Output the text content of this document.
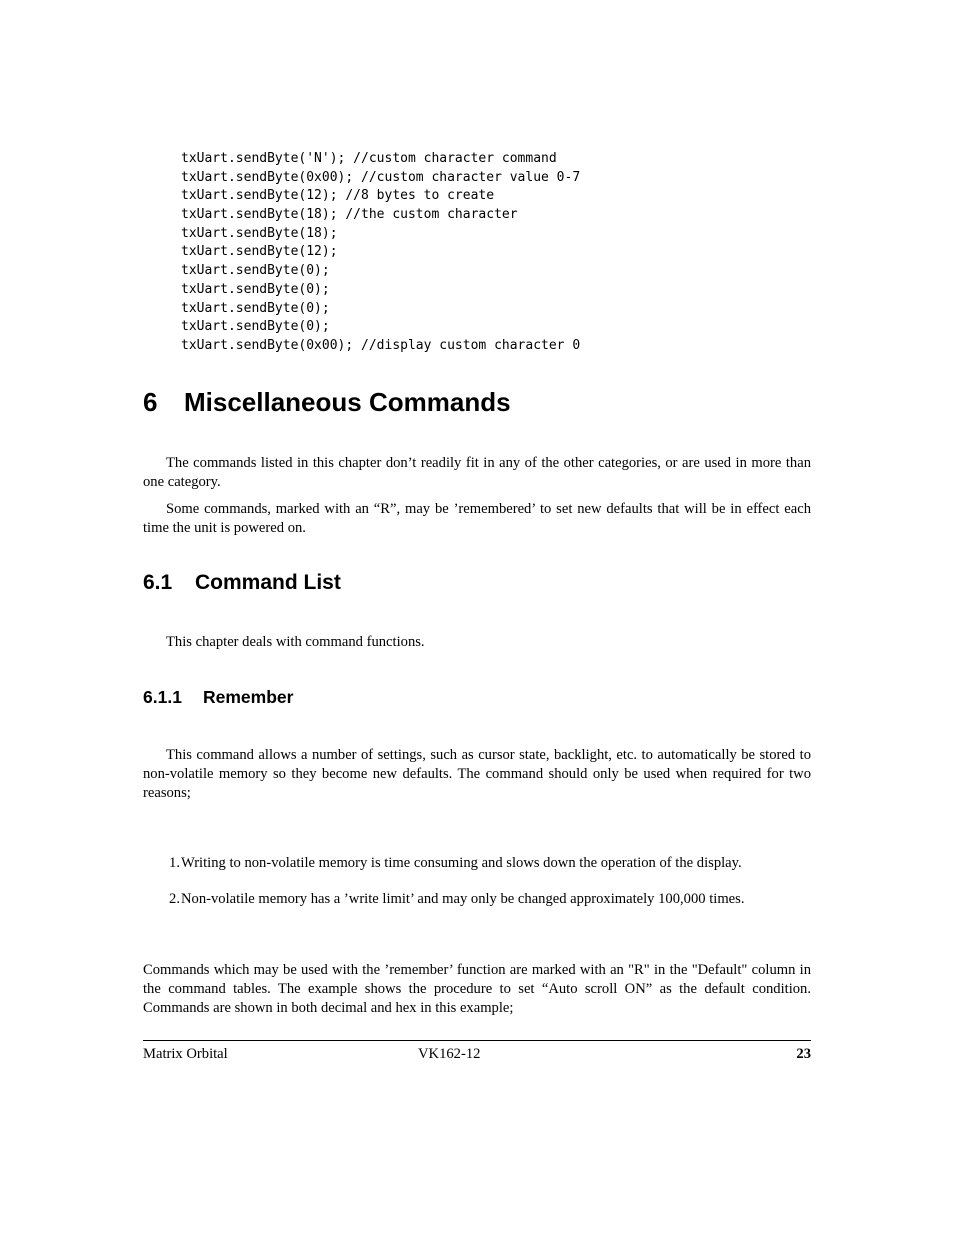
txUart.sendByte('N'); //custom character command
txUart.sendByte(0x00); //custom character value 0-7
txUart.sendByte(12); //8 bytes to create
txUart.sendByte(18); //the custom character
txUart.sendByte(18);
txUart.sendByte(12);
txUart.sendByte(0);
txUart.sendByte(0);
txUart.sendByte(0);
txUart.sendByte(0);
txUart.sendByte(0x00); //display custom character 0
6 Miscellaneous Commands

The commands listed in this chapter don’t readily fit in any of the other categories, or are used in more than one category.

Some commands, marked with an “R”, may be ’remembered’ to set new defaults that will be in effect each time the unit is powered on.

6.1 Command List

This chapter deals with command functions.

6.1.1 Remember

This command allows a number of settings, such as cursor state, backlight, etc. to automatically be stored to non-volatile memory so they become new defaults. The command should only be used when required for two reasons;

1.Writing to non-volatile memory is time consuming and slows down the operation of the display.
2.Non-volatile memory has a ’write limit’ and may only be changed approximately 100,000 times.

Commands which may be used with the ’remember’ function are marked with an "R" in the "Default" column in the command tables. The example shows the procedure to set “Auto scroll ON” as the default condition. Commands are shown in both decimal and hex in this example;

Matrix Orbital	VK162-12	23
